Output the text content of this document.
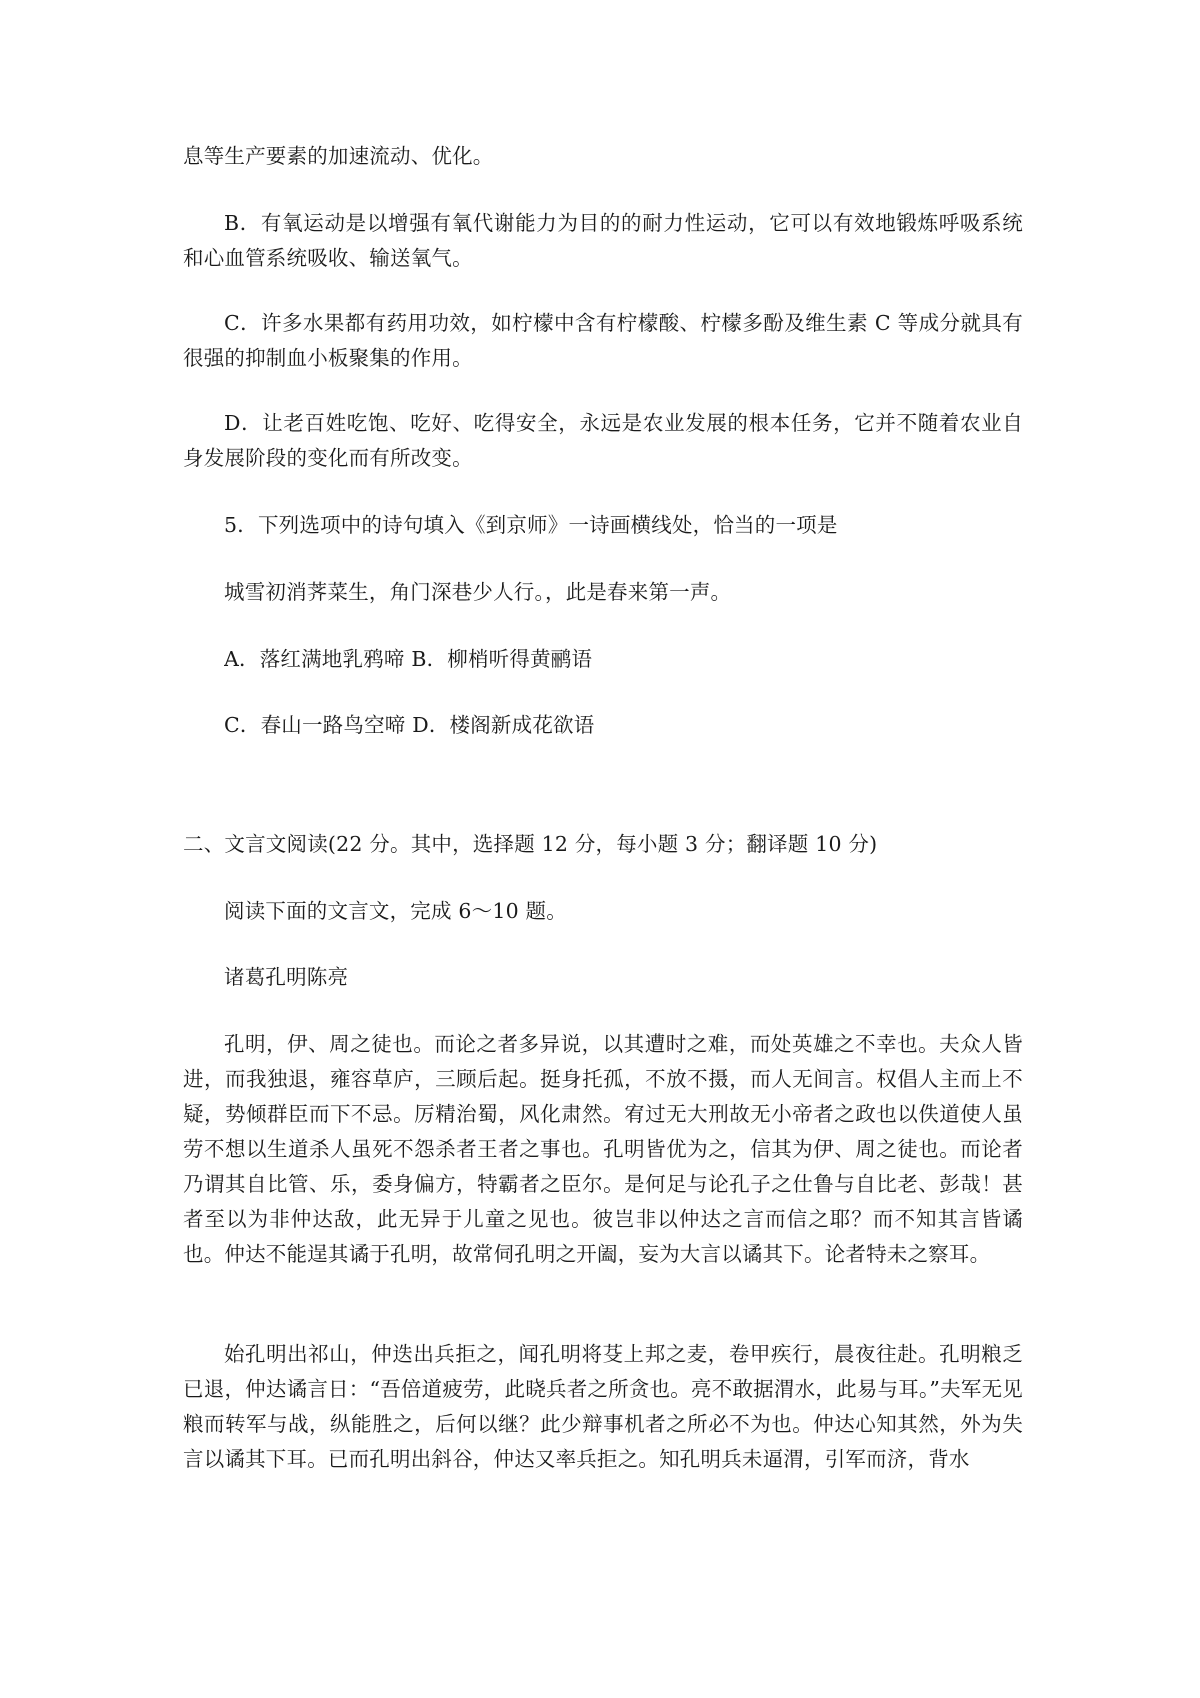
息等生产要素的加速流动、优化。
B．有氧运动是以增强有氧代谢能力为目的的耐力性运动，它可以有效地锻炼呼吸系统和心血管系统吸收、输送氧气。
C．许多水果都有药用功效，如柠檬中含有柠檬酸、柠檬多酚及维生素 C 等成分就具有很强的抑制血小板聚集的作用。
D．让老百姓吃饱、吃好、吃得安全，永远是农业发展的根本任务，它并不随着农业自身发展阶段的变化而有所改变。
5．下列选项中的诗句填入《到京师》一诗画横线处，恰当的一项是
城雪初消荠菜生，角门深巷少人行。，此是春来第一声。
A．落红满地乳鸦啼 B．柳梢听得黄鹂语
C．春山一路鸟空啼 D．楼阁新成花欲语
二、文言文阅读(22 分。其中，选择题 12 分，每小题 3 分；翻译题 10 分)
阅读下面的文言文，完成 6～10 题。
诸葛孔明陈亮
孔明，伊、周之徒也。而论之者多异说，以其遭时之难，而处英雄之不幸也。夫众人皆进，而我独退，雍容草庐，三顾后起。挺身托孤，不放不摄，而人无间言。权倡人主而上不疑，势倾群臣而下不忌。厉精治蜀，风化肃然。宥过无大刑故无小帝者之政也以佚道使人虽劳不想以生道杀人虽死不怨杀者王者之事也。孔明皆优为之，信其为伊、周之徒也。而论者乃谓其自比管、乐，委身偏方，特霸者之臣尔。是何足与论孔子之仕鲁与自比老、彭哉！甚者至以为非仲达敌，此无异于儿童之见也。彼岂非以仲达之言而信之耶？而不知其言皆谲也。仲达不能逞其谲于孔明，故常伺孔明之开阖，妄为大言以谲其下。论者特未之察耳。
始孔明出祁山，仲迭出兵拒之，闻孔明将芟上邦之麦，卷甲疾行，晨夜往赴。孔明粮乏已退，仲达谲言日：“吾倍道疲劳，此晓兵者之所贪也。亮不敢据渭水，此易与耳。”夫军无见粮而转军与战，纵能胜之，后何以继？此少辩事机者之所必不为也。仲达心知其然，外为失言以谲其下耳。已而孔明出斜谷，仲达又率兵拒之。知孔明兵未逼渭，引军而济，背水
